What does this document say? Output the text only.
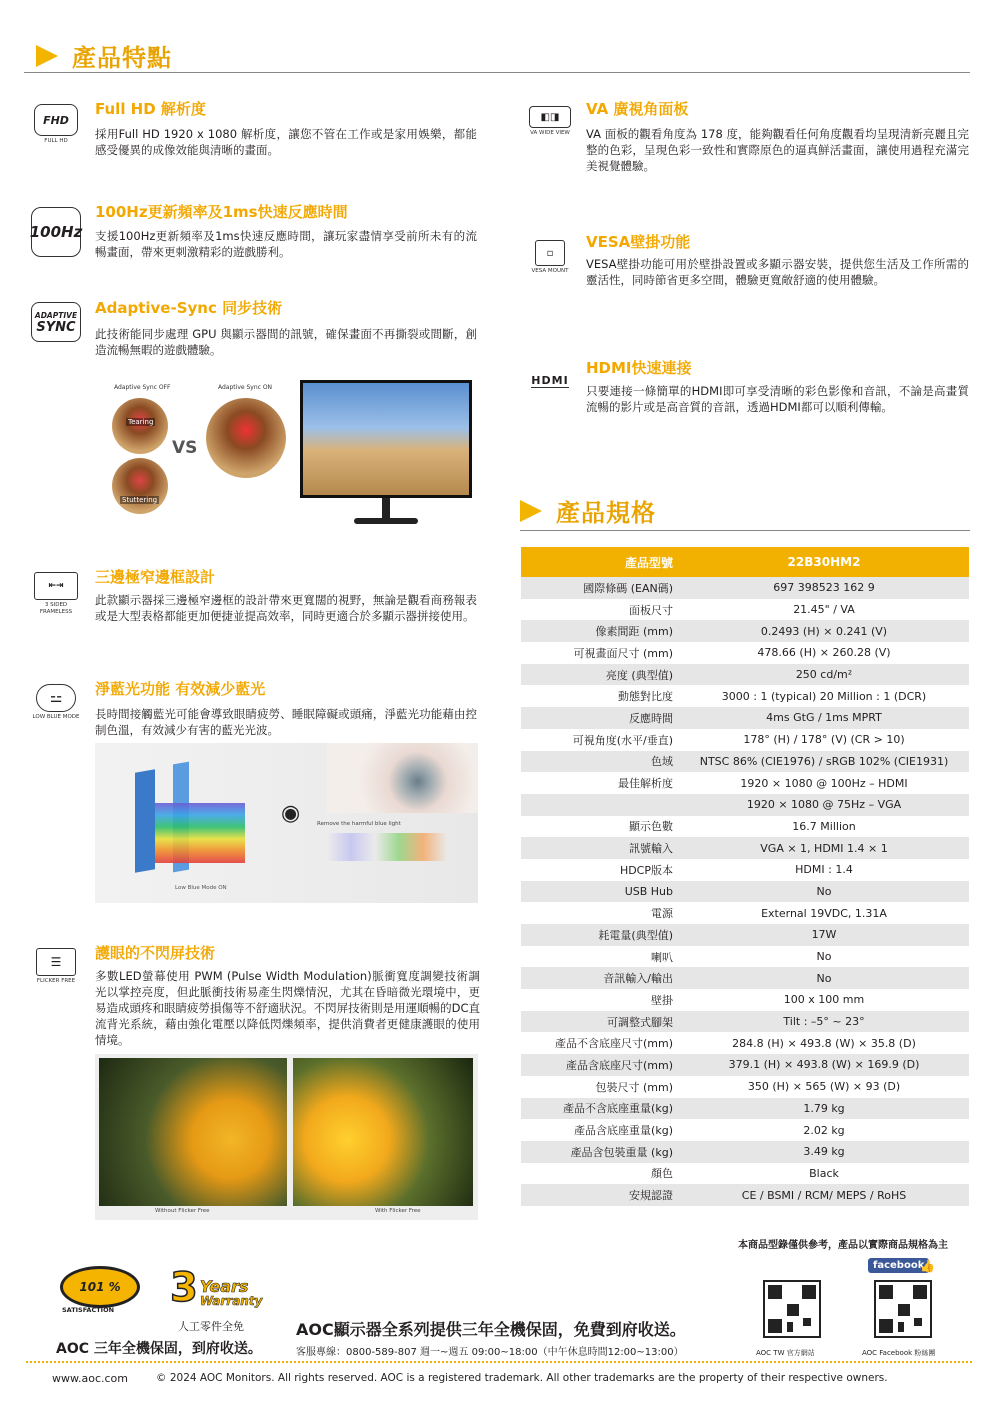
產品特點
FHD
FULL HD
Full HD 解析度
採用Full HD 1920 x 1080 解析度，讓您不管在工作或是家用娛樂，都能感受優異的成像效能與清晰的畫面。
100Hz
100Hz更新頻率及1ms快速反應時間
支援100Hz更新頻率及1ms快速反應時間，讓玩家盡情享受前所未有的流暢畫面，帶來更刺激精彩的遊戲勝利。
ADAPTIVE
SYNC
Adaptive-Sync 同步技術
此技術能同步處理 GPU 與顯示器間的訊號，確保畫面不再撕裂或間斷，創造流暢無暇的遊戲體驗。
Adaptive Sync OFF	Adaptive Sync ON
Tearing
Stuttering
VS
⇤⇥
3 SIDED FRAMELESS
三邊極窄邊框設計
此款顯示器採三邊極窄邊框的設計帶來更寬闊的視野，無論是觀看商務報表或是大型表格都能更加便捷並提高效率，同時更適合於多顯示器拼接使用。
⚍
LOW BLUE MODE
淨藍光功能 有效減少藍光
長時間接觸藍光可能會導致眼睛疲勞、睡眠障礙或頭痛，淨藍光功能藉由控制色溫，有效減少有害的藍光光波。
◉	Remove the harmful blue light
Low Blue Mode ON
☰
FLICKER FREE
護眼的不閃屏技術
多數LED螢幕使用 PWM (Pulse Width Modulation)脈衝寬度調變技術調光以掌控亮度，但此脈衝技術易產生閃爍情況，尤其在昏暗微光環境中，更易造成頭疼和眼睛疲勞損傷等不舒適狀況。不閃屏技術則是用運順暢的DC直流背光系統，藉由強化電壓以降低閃爍頻率，提供消費者更健康護眼的使用情境。
Without Flicker Free	With Flicker Free
◧◨
VA WIDE VIEW
VA 廣視角面板
VA 面板的觀看角度為 178 度，能夠觀看任何角度觀看均呈現清新亮麗且完整的色彩，呈現色彩一致性和實際原色的逼真鮮活畫面，讓使用過程充滿完美視覺體驗。
▫
VESA MOUNT
VESA壁掛功能
VESA壁掛功能可用於壁掛設置或多顯示器安裝，提供您生活及工作所需的靈活性，同時節省更多空間，體驗更寬敞舒適的使用體驗。
HDMI
HDMI快速連接
只要連接一條簡單的HDMI即可享受清晰的彩色影像和音訊，不論是高畫質流暢的影片或是高音質的音訊，透過HDMI都可以順利傳輸。
產品規格
產品型號	22B30HM2
國際條碼 (EAN碼)	697 398523 162 9
面板尺寸	21.45" / VA
像素間距 (mm)	0.2493 (H) × 0.241 (V)
可視畫面尺寸 (mm)	478.66 (H) × 260.28 (V)
亮度 (典型值)	250 cd/m²
動態對比度	3000 : 1 (typical) 20 Million : 1 (DCR)
反應時間	4ms GtG / 1ms MPRT
可視角度(水平/垂直)	178° (H) / 178° (V) (CR > 10)
色域	NTSC 86% (CIE1976) / sRGB 102% (CIE1931)
最佳解析度	1920 × 1080 @ 100Hz – HDMI
	1920 × 1080 @ 75Hz – VGA
顯示色數	16.7 Million
訊號輸入	VGA × 1, HDMI 1.4 × 1
HDCP版本	HDMI : 1.4
USB Hub	No
電源	External 19VDC, 1.31A
耗電量(典型值)	17W
喇叭	No
音訊輸入/輸出	No
壁掛	100 x 100 mm
可調整式腳架	Tilt : –5° ~ 23°
產品不含底座尺寸(mm)	284.8 (H) × 493.8 (W) × 35.8 (D)
產品含底座尺寸(mm)	379.1 (H) × 493.8 (W) × 169.9 (D)
包裝尺寸 (mm)	350 (H) × 565 (W) × 93 (D)
產品不含底座重量(kg)	1.79 kg
產品含底座重量(kg)	2.02 kg
產品含包裝重量 (kg)	3.49 kg
顏色	Black
安規認證	CE / BSMI / RCM/ MEPS / RoHS
本商品型錄僅供參考，產品以實際商品規格為主
101 %
SATISFACTION 3 Years
Warranty
人工零件全免
AOC 三年全機保固，到府收送。
AOC顯示器全系列提供三年全機保固，免費到府收送。
客服專線：0800-589-807 週一~週五 09:00~18:00（中午休息時間12:00~13:00）
facebook
👍
AOC TW 官方網站	AOC Facebook 粉絲團
www.aoc.com	© 2024 AOC Monitors. All rights reserved. AOC is a registered trademark. All other trademarks are the property of their respective owners.
